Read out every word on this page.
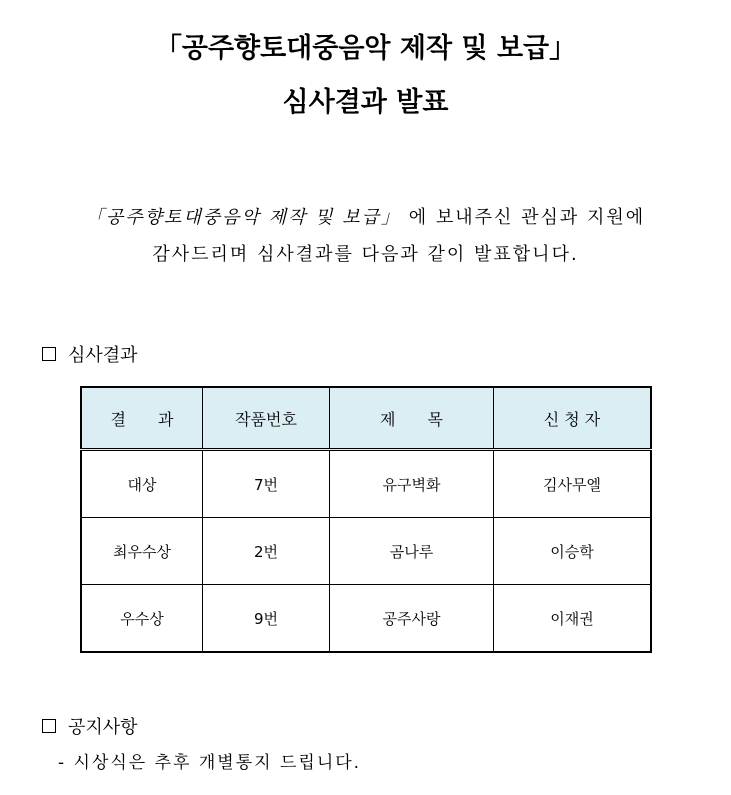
「공주향토대중음악 제작 및 보급」
심사결과 발표
「공주향토대중음악 제작 및 보급」 에 보내주신 관심과 지원에
감사드리며 심사결과를 다음과 같이 발표합니다.
심사결과
결　　과	작품번호	제　　목	신 청 자
대상	7번	유구벽화	김사무엘
최우수상	2번	곰나루	이승학
우수상	9번	공주사랑	이재권
공지사항
- 시상식은 추후 개별통지 드립니다.
